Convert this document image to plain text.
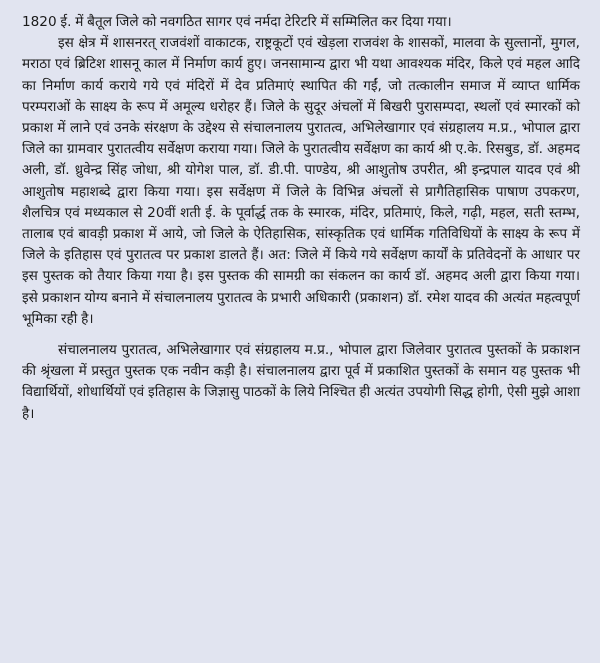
1820 ई. में बैतूल जिले को नवगठित सागर एवं नर्मदा टेरिटरि में सम्मिलित कर दिया गया।

इस क्षेत्र में शासनरत् राजवंशों वाकाटक, राष्ट्रकूटों एवं खेड़ला राजवंश के शासकों, मालवा के सुल्तानों, मुगल, मराठा एवं ब्रिटिश शासनू काल में निर्माण कार्य हुए। जनसामान्य द्वारा भी यथा आवश्यक मंदिर, किले एवं महल आदि का निर्माण कार्य कराये गये एवं मंदिरों में देव प्रतिमाएं स्थापित की गईं, जो तत्कालीन समाज में व्याप्त धार्मिक परम्पराओं के साक्ष्य के रूप में अमूल्य धरोहर हैं। जिले के सुदूर अंचलों में बिखरी पुरासम्पदा, स्थलों एवं स्मारकों को प्रकाश में लाने एवं उनके संरक्षण के उद्देश्य से संचालनालय पुरातत्व, अभिलेखागार एवं संग्रहालय म.प्र., भोपाल द्वारा जिले का ग्रामवार पुरातत्वीय सर्वेक्षण कराया गया। जिले के पुरातत्वीय सर्वेक्षण का कार्य श्री ए.के. रिसबुड, डॉ. अहमद अली, डॉ. ध्रुवेन्द्र सिंह जोधा, श्री योगेश पाल, डॉ. डी.पी. पाण्डेय, श्री आशुतोष उपरीत, श्री इन्द्रपाल यादव एवं श्री आशुतोष महाशब्दे द्वारा किया गया। इस सर्वेक्षण में जिले के विभिन्न अंचलों से प्रागैतिहासिक पाषाण उपकरण, शैलचित्र एवं मध्यकाल से 20वीं शती ई. के पूर्वार्द्ध तक के स्मारक, मंदिर, प्रतिमाएं, किले, गढ़ी, महल, सती स्तम्भ, तालाब एवं बावड़ी प्रकाश में आये, जो जिले के ऐतिहासिक, सांस्कृतिक एवं धार्मिक गतिविधियों के साक्ष्य के रूप में जिले के इतिहास एवं पुरातत्व पर प्रकाश डालते हैं। अत: जिले में किये गये सर्वेक्षण कार्यों के प्रतिवेदनों के आधार पर इस पुस्तक को तैयार किया गया है। इस पुस्तक की सामग्री का संकलन का कार्य डॉ. अहमद अली द्वारा किया गया। इसे प्रकाशन योग्य बनाने में संचालनालय पुरातत्व के प्रभारी अधिकारी (प्रकाशन) डॉ. रमेश यादव की अत्यंत महत्वपूर्ण भूमिका रही है।

संचालनालय पुरातत्व, अभिलेखागार एवं संग्रहालय म.प्र., भोपाल द्वारा जिलेवार पुरातत्व पुस्तकों के प्रकाशन की श्रृंखला में प्रस्तुत पुस्तक एक नवीन कड़ी है। संचालनालय द्वारा पूर्व में प्रकाशित पुस्तकों के समान यह पुस्तक भी विद्यार्थियों, शोधार्थियों एवं इतिहास के जिज्ञासु पाठकों के लिये निश्चित ही अत्यंत उपयोगी सिद्ध होगी, ऐसी मुझे आशा है।
